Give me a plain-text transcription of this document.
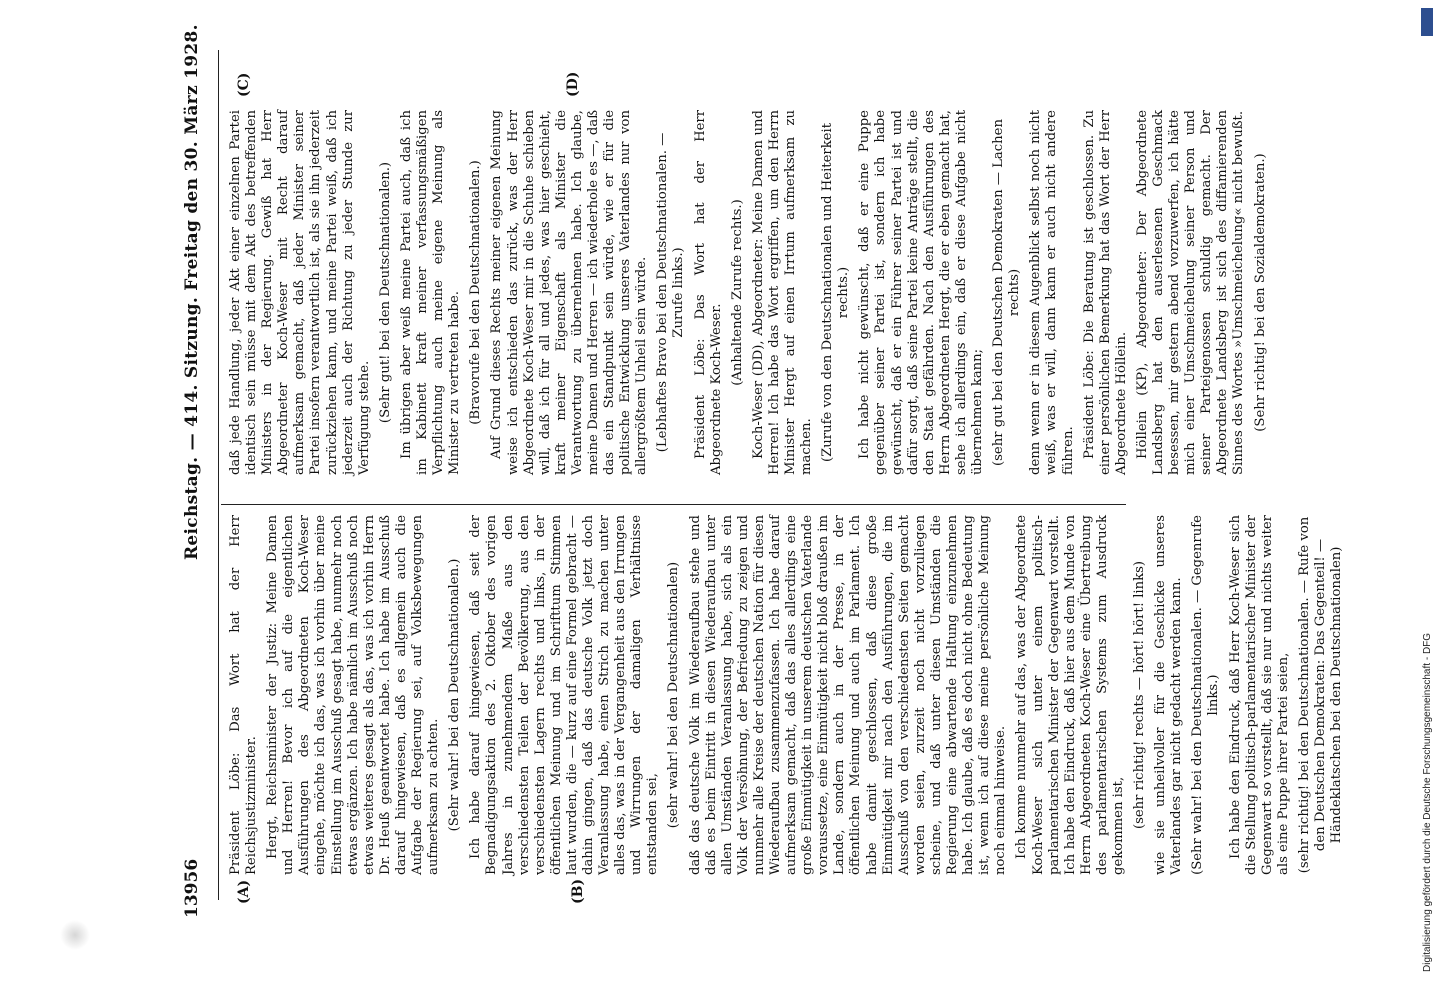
13956
Reichstag. — 414. Sitzung. Freitag den 30. März 1928.
(A)	(B)
(C)	(D)

Präsident Löbe: Das Wort hat der Herr Reichsjustizminister. Hergt, Reichsminister der Justiz: Meine Damen und Herren! Bevor ich auf die eigentlichen Ausführungen des Abgeordneten Koch-Weser eingehe, möchte ich das, was ich vorhin über meine Einstellung im Ausschuß gesagt habe, nunmehr noch etwas ergänzen. Ich habe nämlich im Ausschuß noch etwas weiteres gesagt als das, was ich vorhin Herrn Dr. Heuß geantwortet habe. Ich habe im Ausschuß darauf hingewiesen, daß es allgemein auch die Aufgabe der Regierung sei, auf Volksbewegungen aufmerksam zu achten. (Sehr wahr! bei den Deutschnationalen.) Ich habe darauf hingewiesen, daß seit der Begnadigungsaktion des 2. Oktober des vorigen Jahres in zunehmendem Maße aus den verschiedensten Teilen der Bevölkerung, aus den verschiedensten Lagern rechts und links, in der öffentlichen Meinung und im Schrifttum Stimmen laut wurden, die — kurz auf eine Formel gebracht — dahin gingen, daß das deutsche Volk jetzt doch Veranlassung habe, einen Strich zu machen unter alles das, was in der Vergangenheit aus den Irrungen und Wirrungen der damaligen Verhältnisse entstanden sei, (sehr wahr! bei den Deutschnationalen) daß das deutsche Volk im Wiederaufbau stehe und daß es beim Eintritt in diesen Wiederaufbau unter allen Umständen Veranlassung habe, sich als ein Volk der Versöhnung, der Befriedung zu zeigen und nunmehr alle Kreise der deutschen Nation für diesen Wiederaufbau zusammenzufassen. Ich habe darauf aufmerksam gemacht, daß das alles allerdings eine große Einmütigkeit in unserem deutschen Vaterlande voraussetze, eine Einmütigkeit nicht bloß draußen im Lande, sondern auch in der Presse, in der öffentlichen Meinung und auch im Parlament. Ich habe damit geschlossen, daß diese große Einmütigkeit mir nach den Ausführungen, die im Ausschuß von den verschiedensten Seiten gemacht worden seien, zurzeit noch nicht vorzuliegen scheine, und daß unter diesen Umständen die Regierung eine abwartende Haltung einzunehmen habe. Ich glaube, daß es doch nicht ohne Bedeutung ist, wenn ich auf diese meine persönliche Meinung noch einmal hinweise. Ich komme nunmehr auf das, was der Abgeordnete Koch-Weser sich unter einem politisch-parlamentarischen Minister der Gegenwart vorstellt. Ich habe den Eindruck, daß hier aus dem Munde von Herrn Abgeordneten Koch-Weser eine Übertreibung des parlamentarischen Systems zum Ausdruck gekommen ist, (sehr richtig! rechts — hört! hört! links) wie sie unheilvoller für die Geschicke unseres Vaterlandes gar nicht gedacht werden kann. (Sehr wahr! bei den Deutschnationalen. — Gegenrufe links.) Ich habe den Eindruck, daß Herr Koch-Weser sich die Stellung politisch-parlamentarischer Minister der Gegenwart so vorstellt, daß sie nur und nichts weiter als eine Puppe ihrer Partei seien, (sehr richtig! bei den Deutschnationalen. — Rufe von den Deutschen Demokraten: Das Gegenteil! — Händeklatschen bei den Deutschnationalen)

daß jede Handlung, jeder Akt einer einzelnen Partei identisch sein müsse mit dem Akt des betreffenden Ministers in der Regierung. Gewiß hat Herr Abgeordneter Koch-Weser mit Recht darauf aufmerksam gemacht, daß jeder Minister seiner Partei insofern verantwortlich ist, als sie ihn jederzeit zurückziehen kann, und meine Partei weiß, daß ich jederzeit auch der Richtung zu jeder Stunde zur Verfügung stehe. (Sehr gut! bei den Deutschnationalen.) Im übrigen aber weiß meine Partei auch, daß ich im Kabinett kraft meiner verfassungsmäßigen Verpflichtung auch meine eigene Meinung als Minister zu vertreten habe. (Bravorufe bei den Deutschnationalen.) Auf Grund dieses Rechts meiner eigenen Meinung weise ich entschieden das zurück, was der Herr Abgeordnete Koch-Weser mir in die Schuhe schieben will, daß ich für all und jedes, was hier geschieht, kraft meiner Eigenschaft als Minister die Verantwortung zu übernehmen habe. Ich glaube, meine Damen und Herren — ich wiederhole es —, daß das ein Standpunkt sein würde, wie er für die politische Entwicklung unseres Vaterlandes nur von allergrößtem Unheil sein würde. (Lebhaftes Bravo bei den Deutschnationalen. — Zurufe links.) Präsident Löbe: Das Wort hat der Herr Abgeordnete Koch-Weser.

(Anhaltende Zurufe rechts.) Koch-Weser (DD), Abgeordneter: Meine Damen und Herren! Ich habe das Wort ergriffen, um den Herrn Minister Hergt auf einen Irrtum aufmerksam zu machen. (Zurufe von den Deutschnationalen und Heiterkeit rechts.) Ich habe nicht gewünscht, daß er eine Puppe gegenüber seiner Partei ist, sondern ich habe gewünscht, daß er ein Führer seiner Partei ist und dafür sorgt, daß seine Partei keine Anträge stellt, die den Staat gefährden. Nach den Ausführungen des Herrn Abgeordneten Hergt, die er eben gemacht hat, sehe ich allerdings ein, daß er diese Aufgabe nicht übernehmen kann; (sehr gut bei den Deutschen Demokraten — Lachen rechts) denn wenn er in diesem Augenblick selbst noch nicht weiß, was er will, dann kann er auch nicht andere führen. Präsident Löbe: Die Beratung ist geschlossen. Zu einer persönlichen Bemerkung hat das Wort der Herr Abgeordnete Höllein. Höllein (KP), Abgeordneter: Der Abgeordnete Landsberg hat den auserlesenen Geschmack besessen, mir gestern abend vorzuwerfen, ich hätte mich einer Umschmeichelung seiner Person und seiner Parteigenossen schuldig gemacht. Der Abgeordnete Landsberg ist sich des diffamierenden Sinnes des Wortes »Umschmeichelung« nicht bewußt. (Sehr richtig! bei den Sozialdemokraten.)

Digitalisierung gefördert durch die Deutsche Forschungsgemeinschaft - DFG
